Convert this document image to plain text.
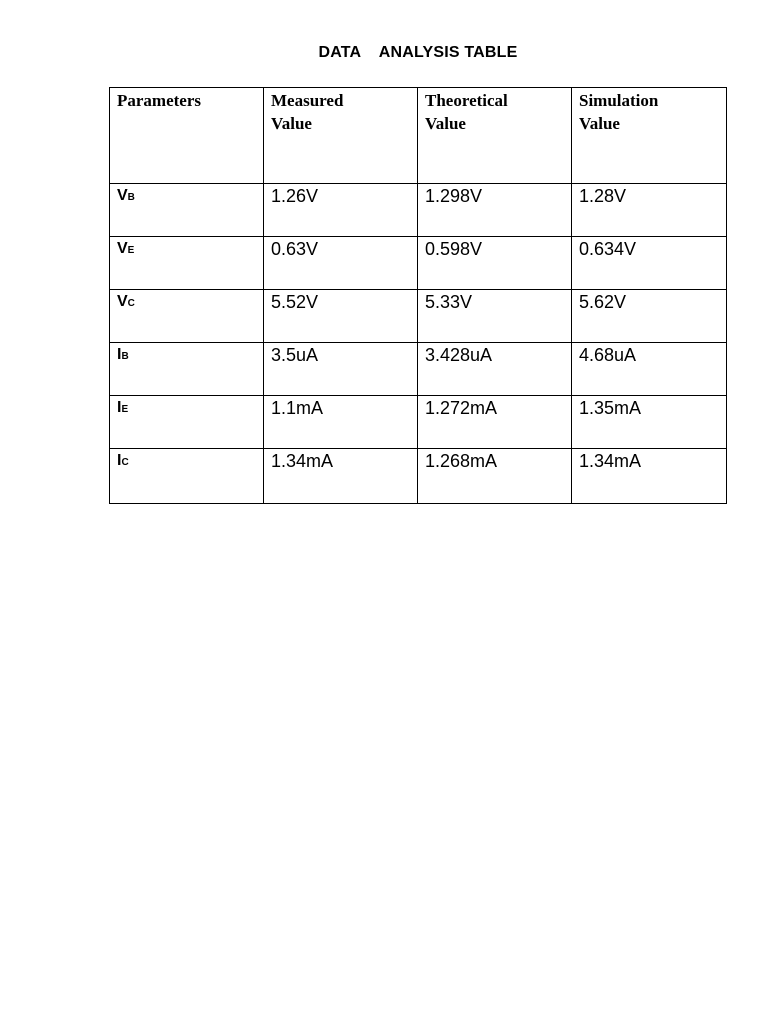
DATA    ANALYSIS TABLE
Parameters	Measured Value	Theoretical Value	Simulation Value

VB	1.26V	1.298V	1.28V

VE	0.63V	0.598V	0.634V

VC	5.52V	5.33V	5.62V

IB	3.5uA	3.428uA	4.68uA

IE	1.1mA	1.272mA	1.35mA

IC	1.34mA	1.268mA	1.34mA
